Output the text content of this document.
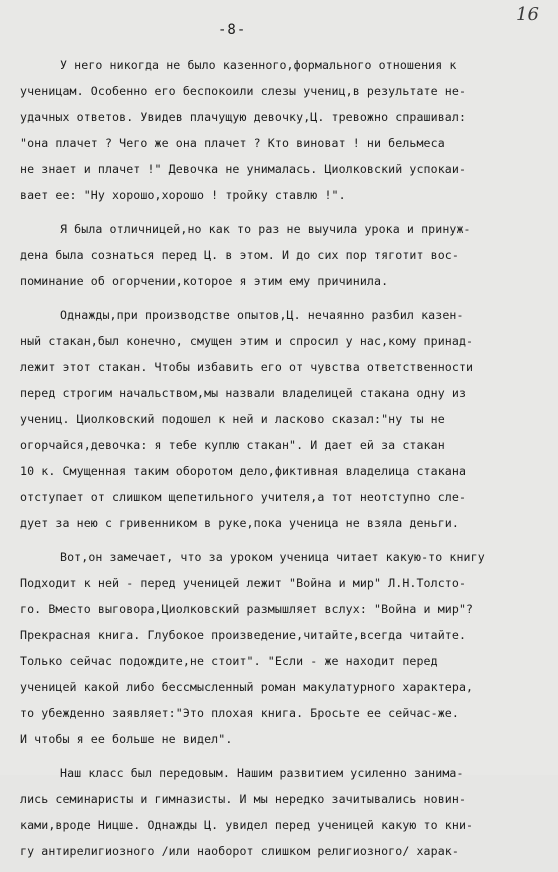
-8-
16
У него никогда не было казенного,формального отношения к
ученицам. Особенно его беспокоили слезы учениц,в результате не-
удачных ответов. Увидев плачущую девочку,Ц. тревожно спрашивал:
"она плачет ? Чего же она плачет ? Кто виноват ! ни бельмеса
не знает и плачет !" Девочка не унималась. Циолковский успокаи-
вает ее: "Ну хорошо,хорошо ! тройку ставлю !".
Я была отличницей,но как то раз не выучила урока и принуж-
дена была сознаться перед Ц. в этом. И до сих пор тяготит вос-
поминание об огорчении,которое я этим ему причинила.
Однажды,при производстве опытов,Ц. нечаянно разбил казен-
ный стакан,был конечно, смущен этим и спросил у нас,кому принад-
лежит этот стакан. Чтобы избавить его от чувства ответственности
перед строгим начальством,мы назвали владелицей стакана одну из
учениц. Циолковский подошел к ней и ласково сказал:"ну ты не
огорчайся,девочка: я тебе куплю стакан". И дает ей за стакан
10 к. Смущенная таким оборотом дело,фиктивная владелица стакана
отступает от слишком щепетильного учителя,а тот неотступно сле-
дует за нею с гривенником в руке,пока ученица не взяла деньги.
Вот,он замечает, что за уроком ученица читает какую-то книгу
Подходит к ней - перед ученицей лежит "Война и мир" Л.Н.Толсто-
го. Вместо выговора,Циолковский размышляет вслух: "Война и мир"?
Прекрасная книга. Глубокое произведение,читайте,всегда читайте.
Только сейчас подождите,не стоит". "Если - же находит перед
ученицей какой либо бессмысленный роман макулатурного характера,
то убежденно заявляет:"Это плохая книга. Бросьте ее сейчас-же.
И чтобы я ее больше не видел".
Наш класс был передовым. Нашим развитием усиленно занима-
лись семинаристы и гимназисты. И мы нередко зачитывались новин-
ками,вроде Ницше. Однажды Ц. увидел перед ученицей какую то кни-
гу антирелигиозного /или наоборот слишком религиозного/ харак-
